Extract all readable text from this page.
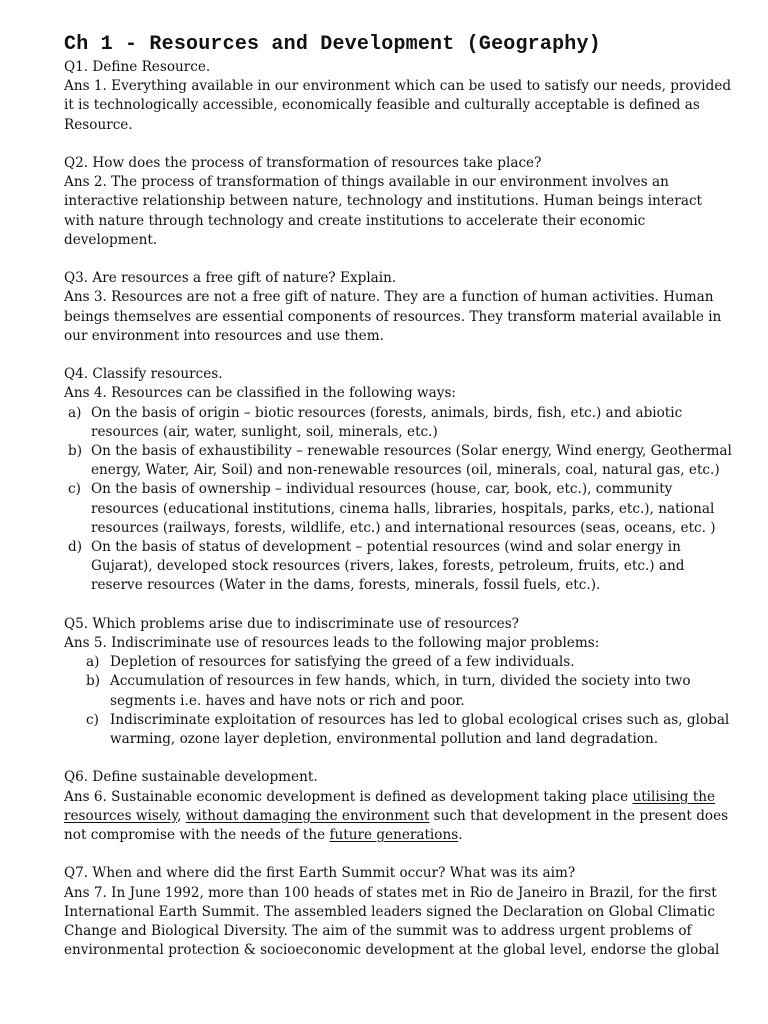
Ch 1 - Resources and Development (Geography)

Q1. Define Resource.

Ans 1. Everything available in our environment which can be used to satisfy our needs, provided it is technologically accessible, economically feasible and culturally acceptable is defined as Resource.

Q2. How does the process of transformation of resources take place?

Ans 2. The process of transformation of things available in our environment involves an interactive relationship between nature, technology and institutions. Human beings interact with nature through technology and create institutions to accelerate their economic development.

Q3. Are resources a free gift of nature? Explain.

Ans 3. Resources are not a free gift of nature. They are a function of human activities. Human beings themselves are essential components of resources. They transform material available in our environment into resources and use them.

Q4. Classify resources.

Ans 4. Resources can be classified in the following ways:

a) On the basis of origin – biotic resources (forests, animals, birds, fish, etc.) and abiotic resources (air, water, sunlight, soil, minerals, etc.)
b) On the basis of exhaustibility – renewable resources (Solar energy, Wind energy, Geothermal energy, Water, Air, Soil) and non-renewable resources (oil, minerals, coal, natural gas, etc.)
c) On the basis of ownership – individual resources (house, car, book, etc.), community resources (educational institutions, cinema halls, libraries, hospitals, parks, etc.), national resources (railways, forests, wildlife, etc.) and international resources (seas, oceans, etc. )
d) On the basis of status of development – potential resources (wind and solar energy in Gujarat), developed stock resources (rivers, lakes, forests, petroleum, fruits, etc.) and reserve resources (Water in the dams, forests, minerals, fossil fuels, etc.).

Q5. Which problems arise due to indiscriminate use of resources?

Ans 5. Indiscriminate use of resources leads to the following major problems:

a) Depletion of resources for satisfying the greed of a few individuals.
b) Accumulation of resources in few hands, which, in turn, divided the society into two segments i.e. haves and have nots or rich and poor.
c) Indiscriminate exploitation of resources has led to global ecological crises such as, global warming, ozone layer depletion, environmental pollution and land degradation.

Q6. Define sustainable development.

Ans 6. Sustainable economic development is defined as development taking place utilising the resources wisely, without damaging the environment such that development in the present does not compromise with the needs of the future generations.

Q7. When and where did the first Earth Summit occur? What was its aim?

Ans 7. In June 1992, more than 100 heads of states met in Rio de Janeiro in Brazil, for the first International Earth Summit. The assembled leaders signed the Declaration on Global Climatic Change and Biological Diversity. The aim of the summit was to address urgent problems of environmental protection & socioeconomic development at the global level, endorse the global
